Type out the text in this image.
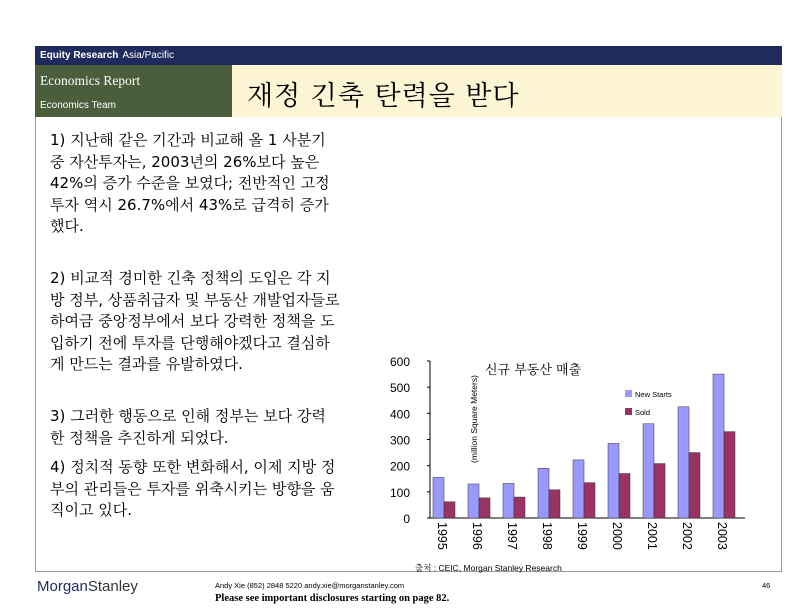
Equity Research Asia/Pacific
Economics Report
Economics Team	재정 긴축 탄력을 받다
1) 지난해 같은 기간과 비교해 올 1 사분기중 자산투자는, 2003년의 26%보다 높은 42%의 증가 수준을 보였다; 전반적인 고정투자 역시 26.7%에서 43%로 급격히 증가했다.
2) 비교적 경미한 긴축 정책의 도입은 각 지방 정부, 상품취급자 및 부동산 개발업자들로 하여금 중앙정부에서 보다 강력한 정책을 도입하기 전에 투자를 단행해야겠다고 결심하게 만드는 결과를 유발하였다.
3) 그러한 행동으로 인해 정부는 보다 강력한 정책을 추진하게 되었다.
4) 정치적 동향 또한 변화해서, 이제 지방 정부의 관리들은 투자를 위축시키는 방향을 움직이고 있다.
신규 부동산 매출
(million Square Meters)
0
100
200
300
400
500
600
1995 1996 1997 1998 1999 2000 2001 2002 2003
New Starts
Sold
출처 : CEIC, Morgan Stanley Research
MorganStanley	Andy Xie (852) 2848 5220 andy.xie@morganstanley.com
Please see important disclosures starting on page 82.
46
